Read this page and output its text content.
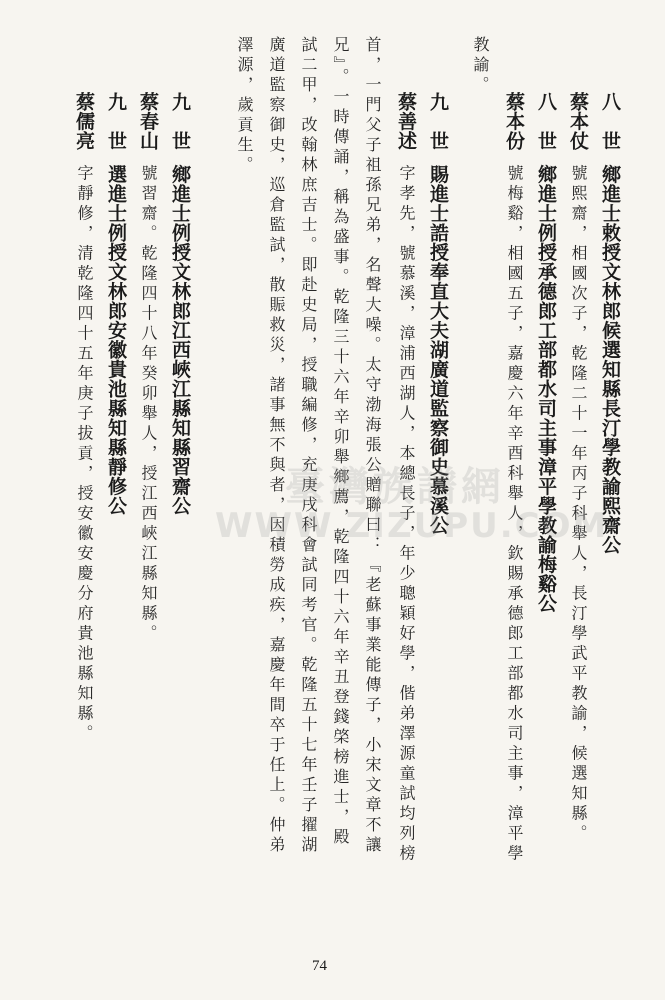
八　世鄉進士敕授文林郎候選知縣長汀學教諭熙齋公
蔡本仗號熙齋，相國次子，乾隆二十一年丙子科舉人，長汀學武平教諭，候選知縣。
八　世鄉進士例授承德郎工部都水司主事漳平學教諭梅谿公
蔡本份號梅谿，相國五子，嘉慶六年辛酉科舉人，欽賜承德郎工部都水司主事，漳平學
教諭。
九　世賜進士誥授奉直大夫湖廣道監察御史慕溪公
蔡善述字孝先，號慕溪，漳浦西湖人，本總長子，年少聰穎好學，偕弟澤源童試均列榜
首，一門父子祖孫兄弟，名聲大噪。太守渤海張公贈聯曰：『老蘇事業能傳子，小宋文章不讓
兄』。一時傳誦，稱為盛事。乾隆三十六年辛卯舉鄉薦，乾隆四十六年辛丑登錢棨榜進士，殿
試二甲，改翰林庶吉士。即赴史局，授職編修，充庚戌科會試同考官。乾隆五十七年壬子擢湖
廣道監察御史，巡倉監試，散賑救災，諸事無不與者，因積勞成疾，嘉慶年間卒于任上。仲弟
澤源，歲貢生。
九　世鄉進士例授文林郎江西峽江縣知縣習齋公
蔡春山號習齋。乾隆四十八年癸卯舉人，授江西峽江縣知縣。
九　世選進士例授文林郎安徽貴池縣知縣靜修公
蔡儒亮字靜修，清乾隆四十五年庚子拔貢，授安徽安慶分府貴池縣知縣。	臺灣族譜網
WWW.ZIZUPU.COM
74
